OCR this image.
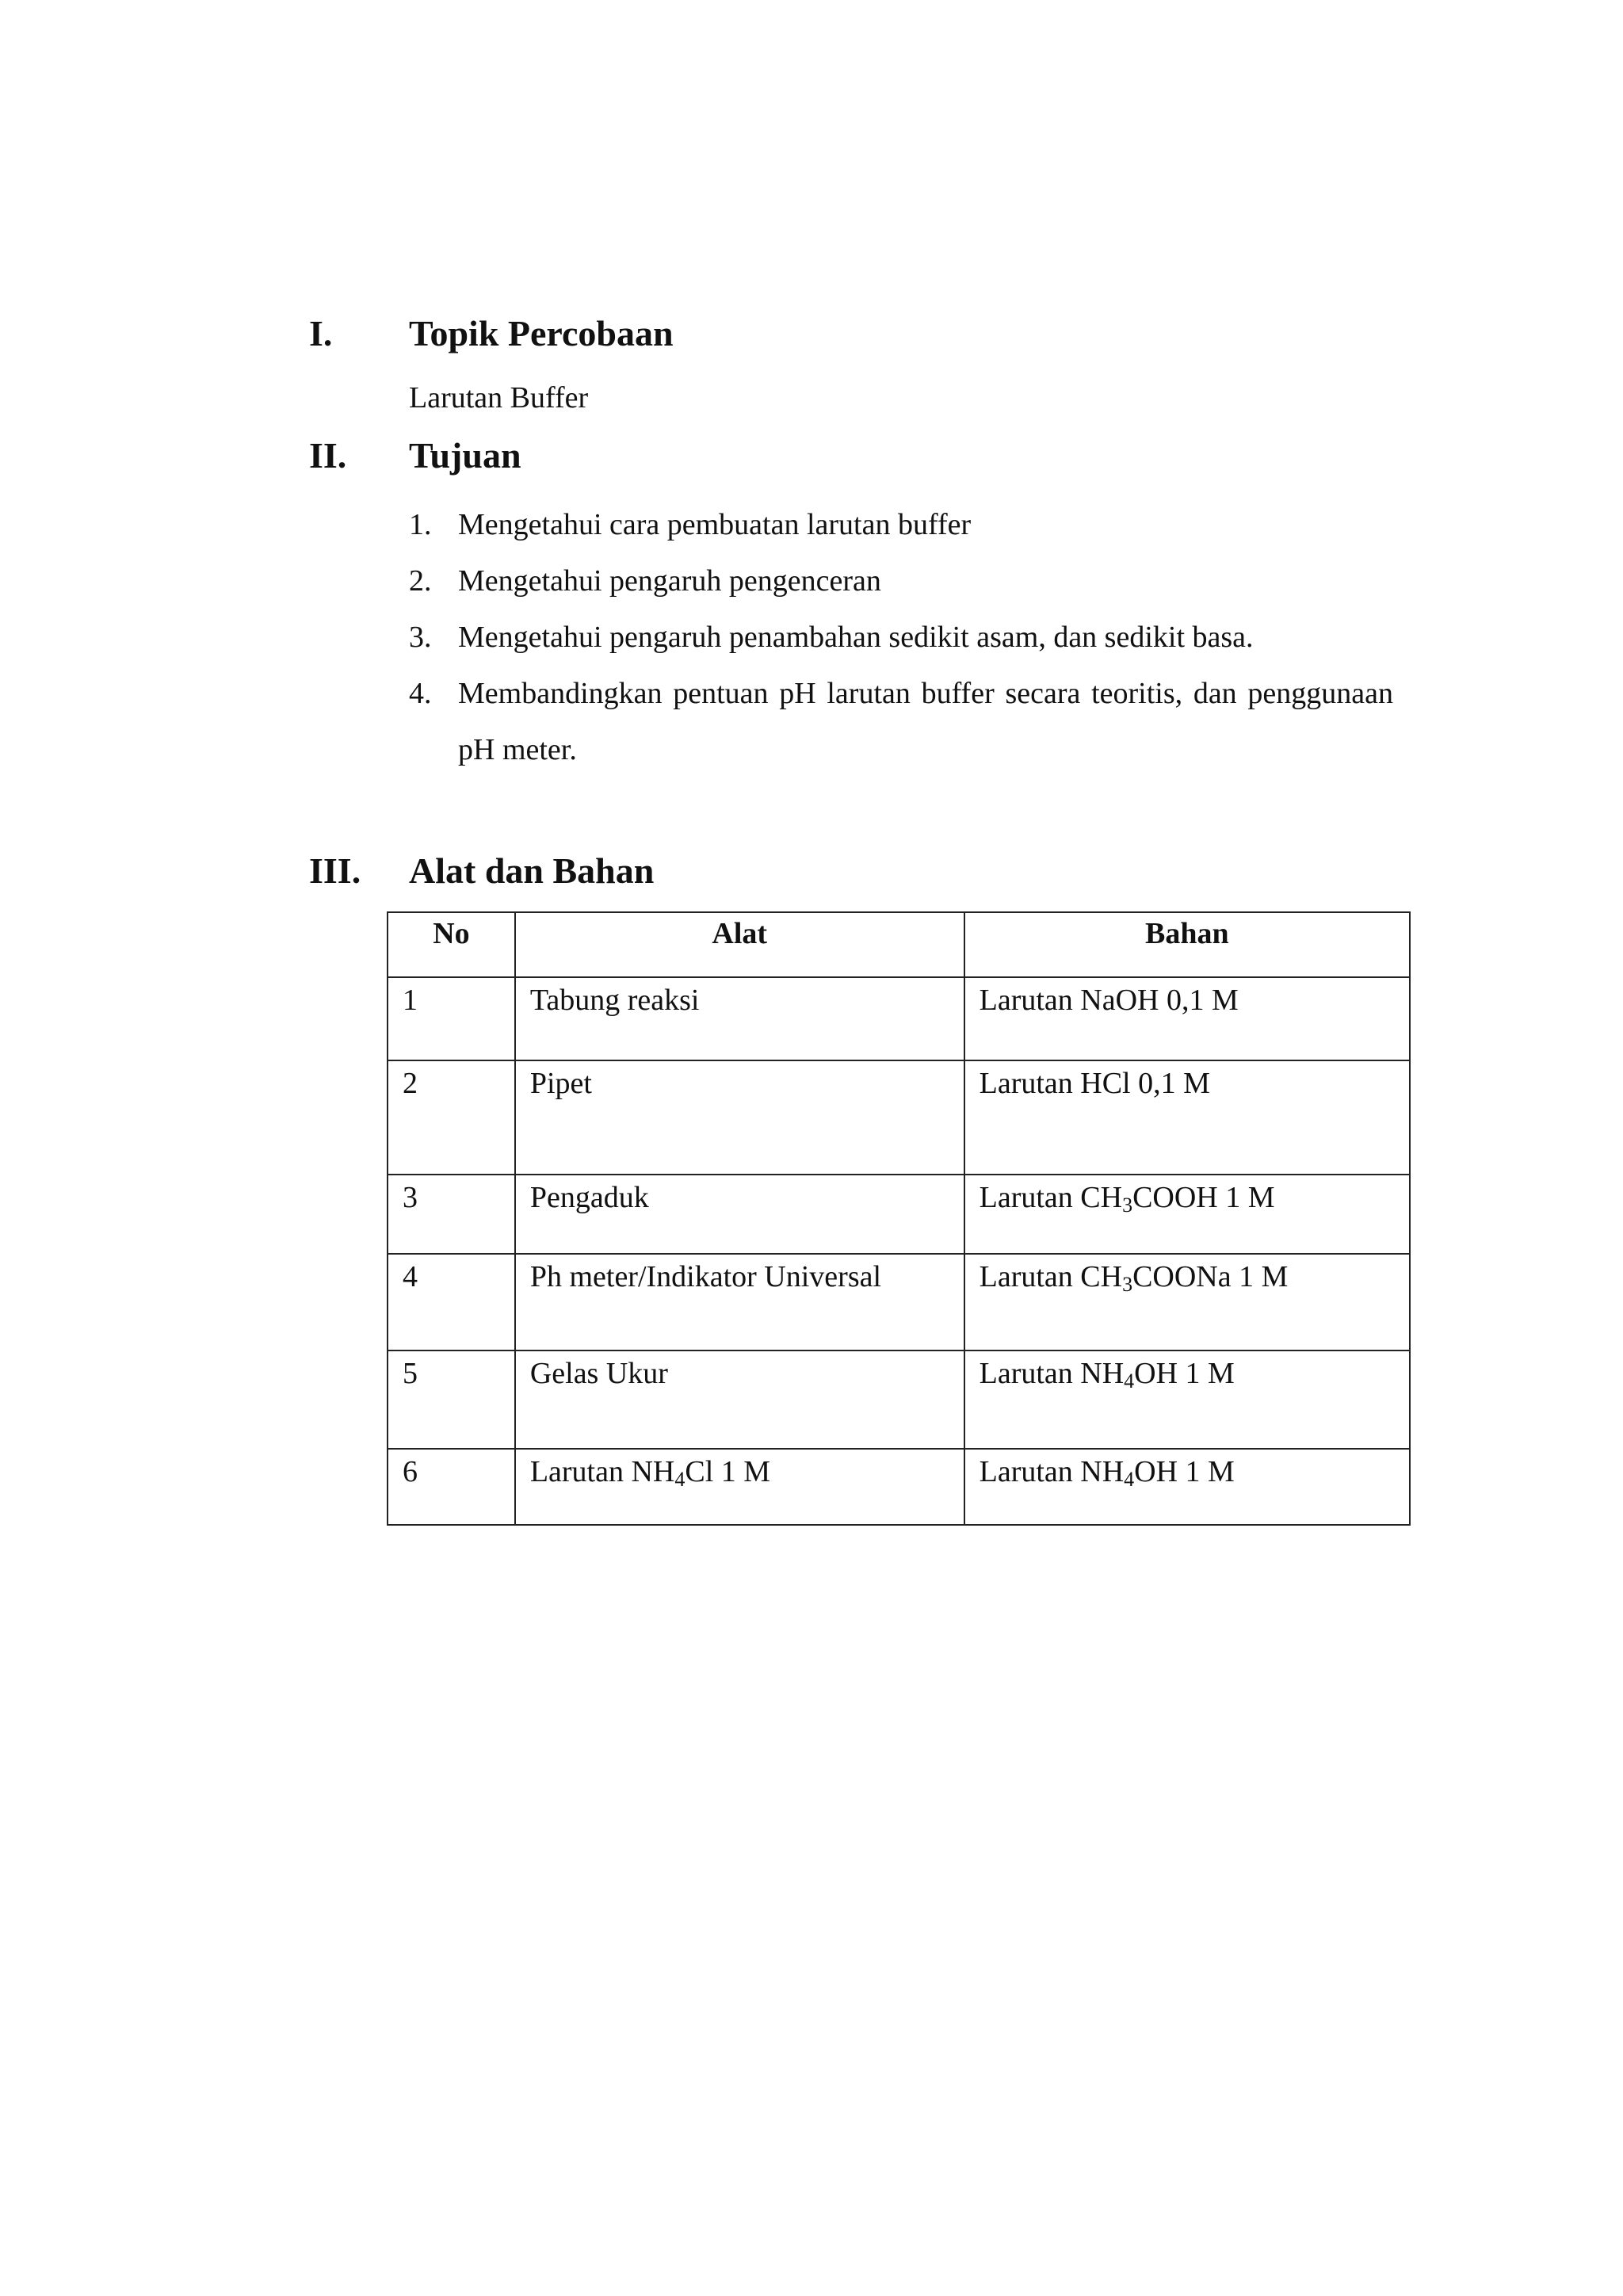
I. Topik Percobaan
Larutan Buffer
II. Tujuan
1. Mengetahui cara pembuatan larutan buffer
2. Mengetahui pengaruh pengenceran
3. Mengetahui pengaruh penambahan sedikit asam, dan sedikit basa.
4. Membandingkan pentuan pH larutan buffer secara teoritis, dan penggunaan pH meter.
III. Alat dan Bahan
No	Alat	Bahan
1	Tabung reaksi	Larutan NaOH 0,1 M
2	Pipet	Larutan HCl 0,1 M
3	Pengaduk	Larutan $CH_3COOH$ 1 M
4	Ph meter/Indikator Universal	Larutan $CH_3COONa$ 1 M
5	Gelas Ukur	Larutan $NH_4OH$ 1 M
6	Larutan $NH_4Cl$ 1 M	Larutan $NH_4OH$ 1 M
